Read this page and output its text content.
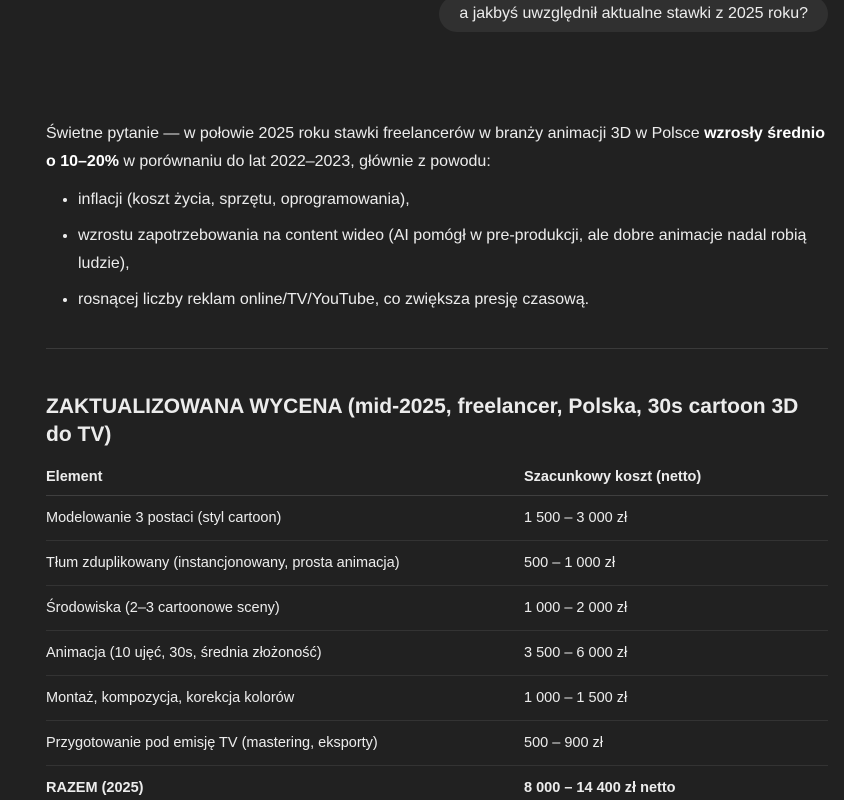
a jakbyś uwzględnił aktualne stawki z 2025 roku?

Świetne pytanie — w połowie 2025 roku stawki freelancerów w branży animacji 3D w Polsce wzrosły średnio o 10–20% w porównaniu do lat 2022–2023, głównie z powodu:

• inflacji (koszt życia, sprzętu, oprogramowania),
• wzrostu zapotrzebowania na content wideo (AI pomógł w pre-produkcji, ale dobre animacje nadal robią ludzie),
• rosnącej liczby reklam online/TV/YouTube, co zwiększa presję czasową.
ZAKTUALIZOWANA WYCENA (mid-2025, freelancer, Polska, 30s cartoon 3D do TV)
Element	Szacunkowy koszt (netto)
Modelowanie 3 postaci (styl cartoon)	1 500 – 3 000 zł
Tłum zduplikowany (instancjonowany, prosta animacja)	500 – 1 000 zł
Środowiska (2–3 cartoonowe sceny)	1 000 – 2 000 zł
Animacja (10 ujęć, 30s, średnia złożoność)	3 500 – 6 000 zł
Montaż, kompozycja, korekcja kolorów	1 000 – 1 500 zł
Przygotowanie pod emisję TV (mastering, eksporty)	500 – 900 zł
RAZEM (2025)	8 000 – 14 400 zł netto
